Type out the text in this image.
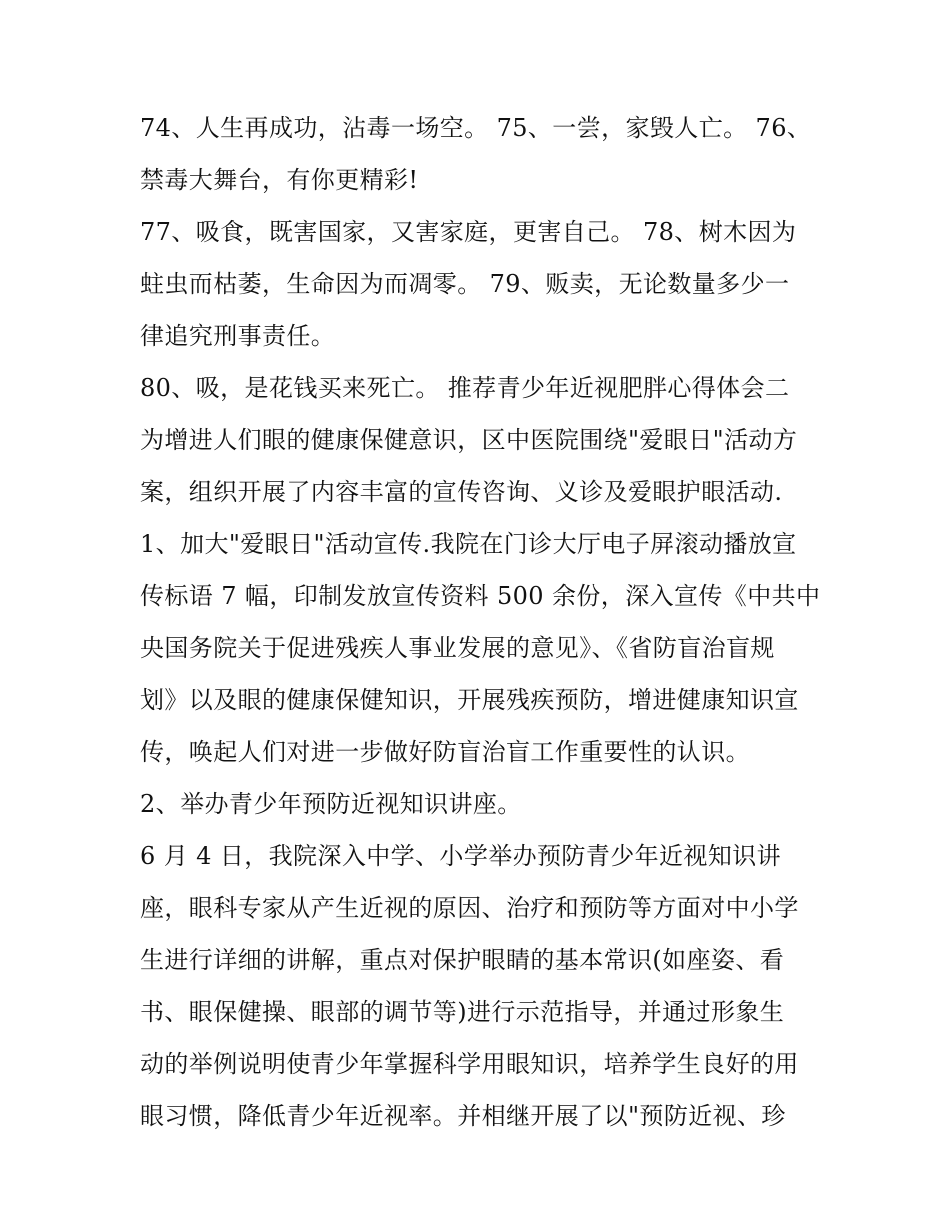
74、人生再成功，沾毒一场空。 75、一尝，家毁人亡。 76、
禁毒大舞台，有你更精彩!
77、吸食，既害国家，又害家庭，更害自己。 78、树木因为
蛀虫而枯萎，生命因为而凋零。 79、贩卖，无论数量多少一
律追究刑事责任。
80、吸，是花钱买来死亡。 推荐青少年近视肥胖心得体会二
为增进人们眼的健康保健意识，区中医院围绕"爱眼日"活动方
案，组织开展了内容丰富的宣传咨询、义诊及爱眼护眼活动.
1、加大"爱眼日"活动宣传.我院在门诊大厅电子屏滚动播放宣
传标语 7 幅，印制发放宣传资料 500 余份，深入宣传《中共中
央国务院关于促进残疾人事业发展的意见》、《省防盲治盲规
划》以及眼的健康保健知识，开展残疾预防，增进健康知识宣
传，唤起人们对进一步做好防盲治盲工作重要性的认识。
2、举办青少年预防近视知识讲座。
6 月 4 日，我院深入中学、小学举办预防青少年近视知识讲
座，眼科专家从产生近视的原因、治疗和预防等方面对中小学
生进行详细的讲解，重点对保护眼睛的基本常识(如座姿、看
书、眼保健操、眼部的调节等)进行示范指导，并通过形象生
动的举例说明使青少年掌握科学用眼知识，培养学生良好的用
眼习惯，降低青少年近视率。并相继开展了以"预防近视、珍
